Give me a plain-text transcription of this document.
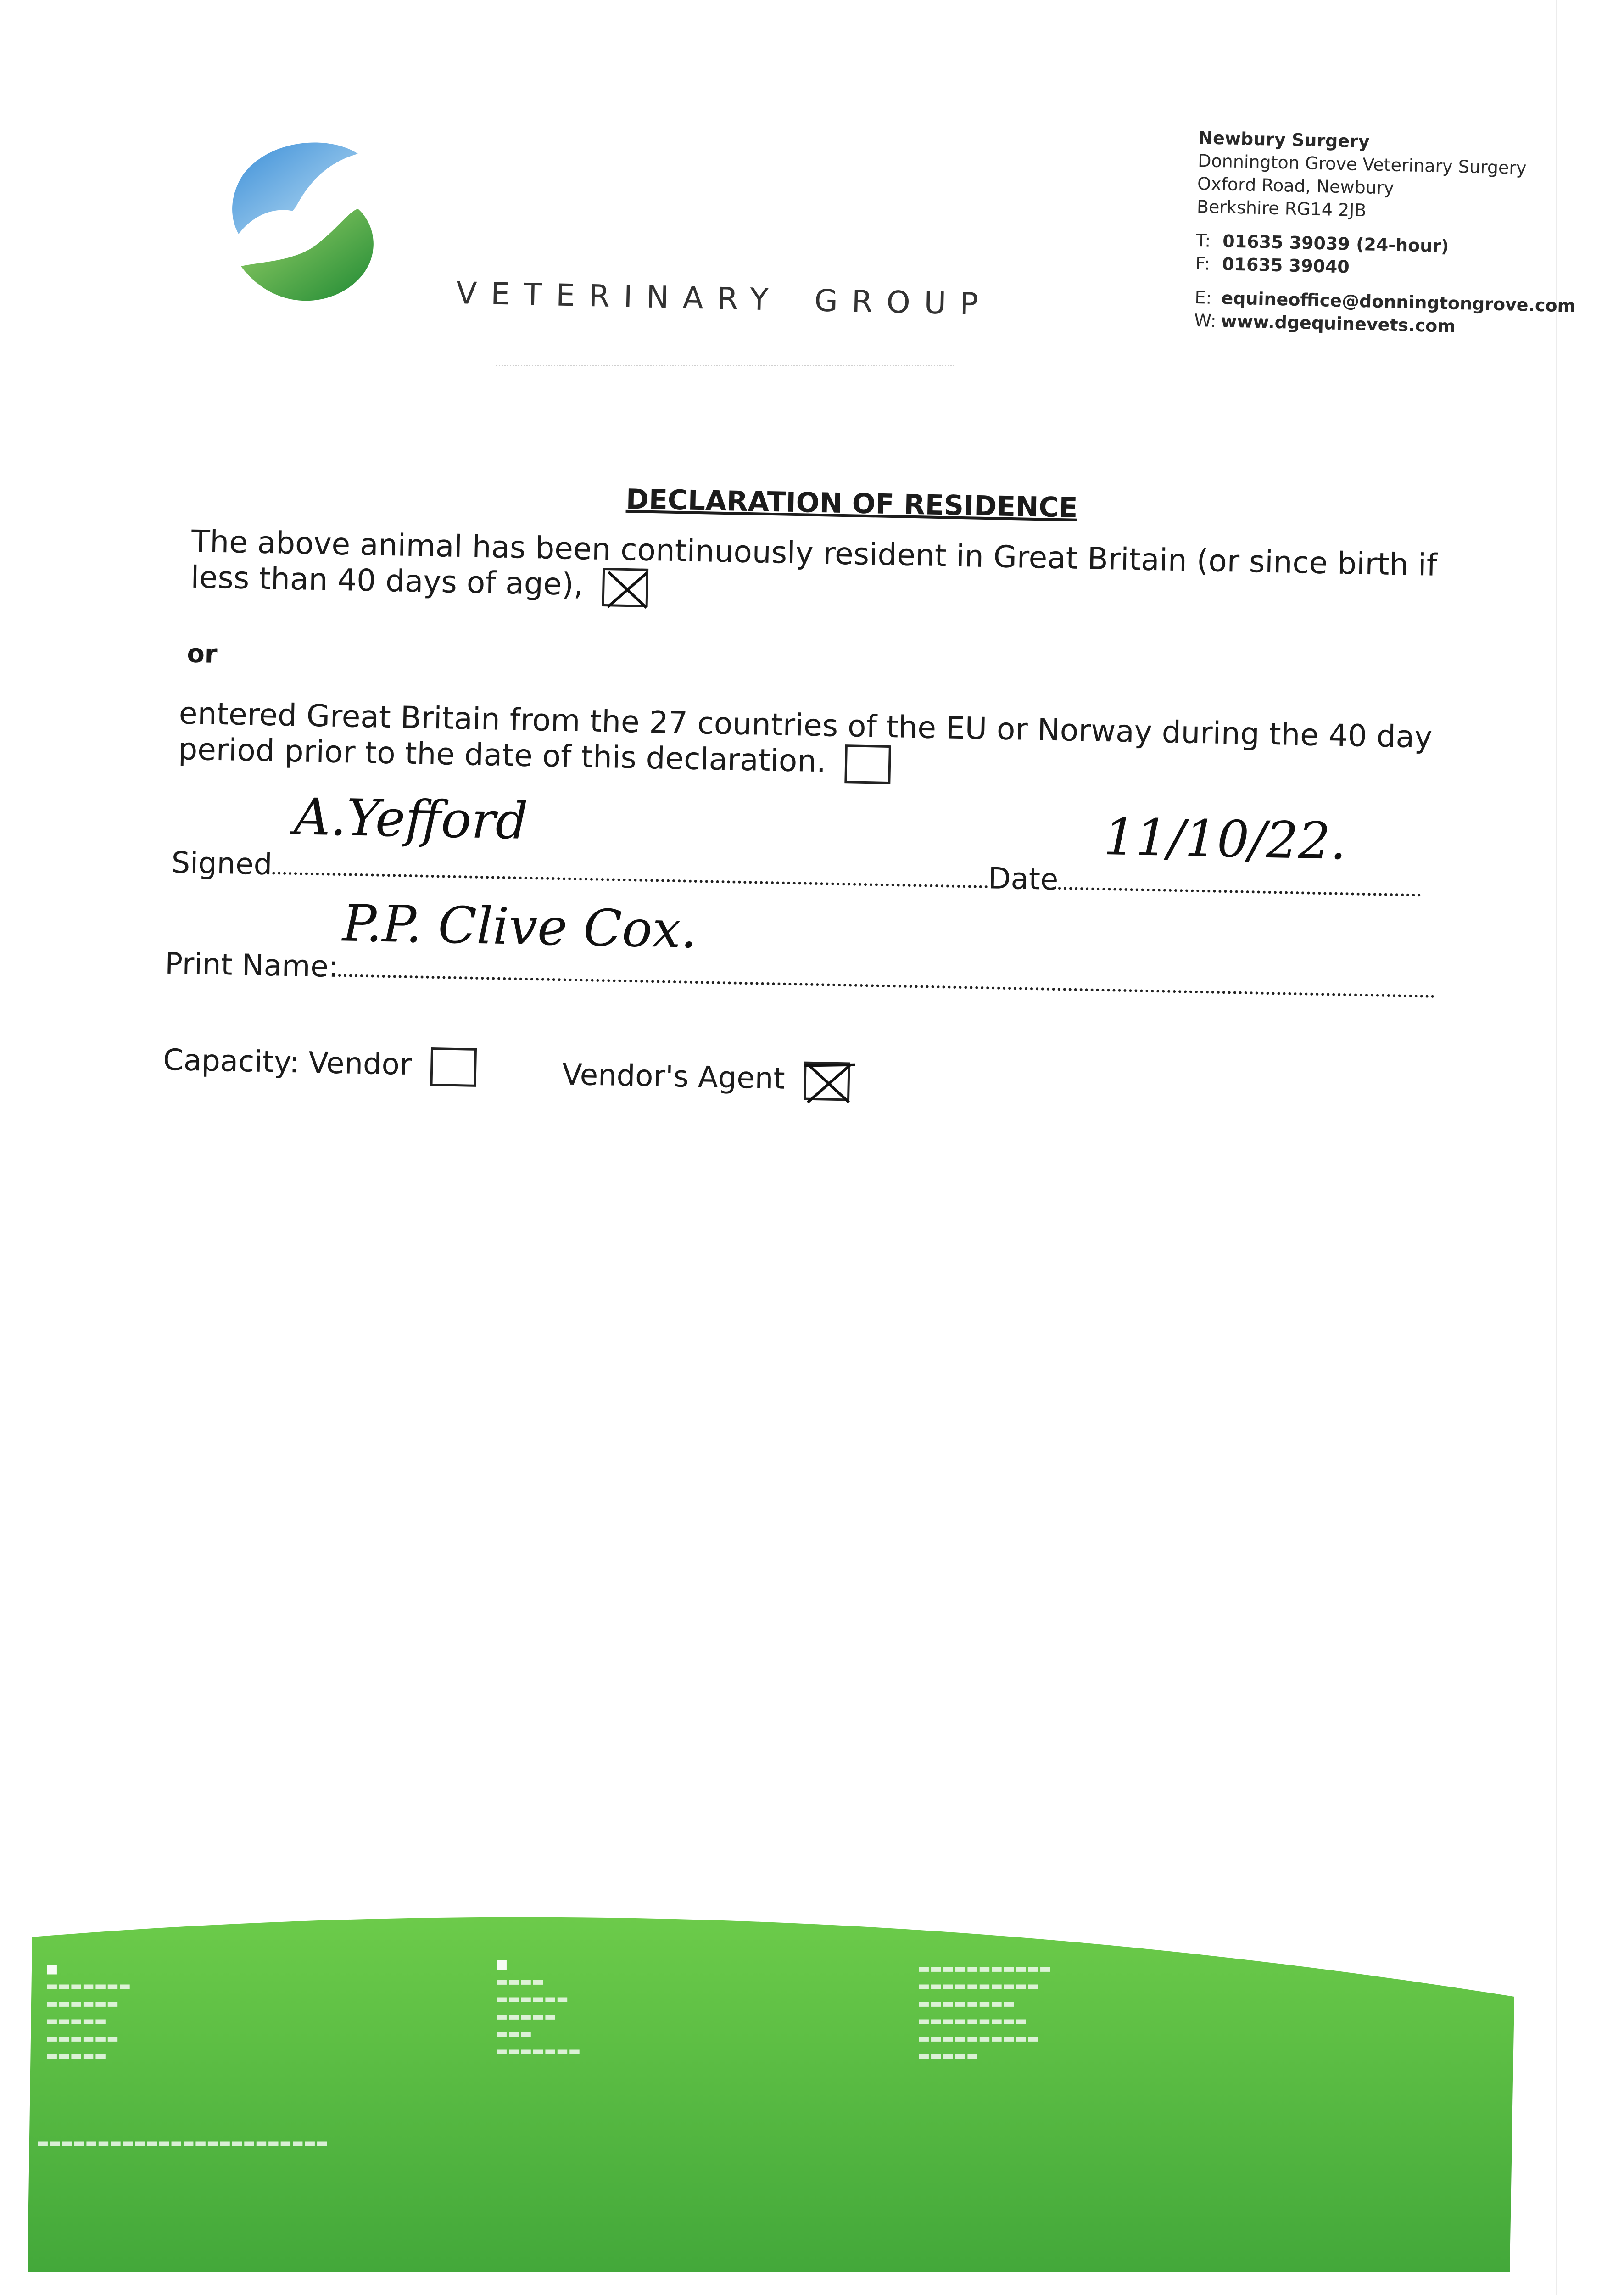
VETERINARY GROUP
Newbury Surgery
Donnington Grove Veterinary Surgery
Oxford Road, Newbury
Berkshire RG14 2JB
T: 01635 39039 (24-hour)
F: 01635 39040
E: equineoffice@donningtongrove.com
W: www.dgequinevets.com
DECLARATION OF RESIDENCE
The above animal has been continuously resident in Great Britain (or since birth if less than 40 days of age),
or
entered Great Britain from the 27 countries of the EU or Norway during the 40 day period prior to the date of this declaration.
Signed
A.Yefford
Date
11/10/22.
Print Name:
P.P. Clive Cox.
Capacity: Vendor	Vendor's Agent
■
▬▬▬▬▬▬▬
▬▬▬▬▬▬
▬▬▬▬▬
▬▬▬▬▬▬
▬▬▬▬▬
■
▬▬▬▬
▬▬▬▬▬▬
▬▬▬▬▬
▬▬▬
▬▬▬▬▬▬▬
▬▬▬▬▬▬▬▬▬▬▬
▬▬▬▬▬▬▬▬▬▬
▬▬▬▬▬▬▬▬
▬▬▬▬▬▬▬▬▬
▬▬▬▬▬▬▬▬▬▬
▬▬▬▬▬
▬▬▬▬▬▬▬▬▬▬▬▬▬▬▬▬▬▬▬▬▬▬▬▬
